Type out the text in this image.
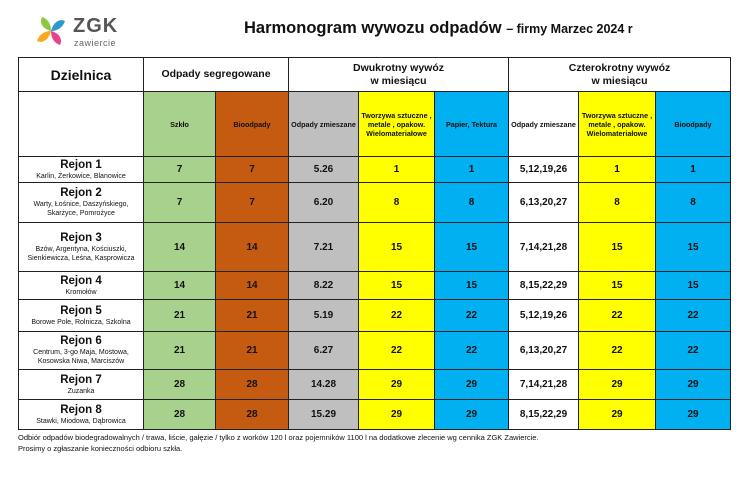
ZGK
zawiercie
Harmonogram wywozu odpadów – firmy Marzec 2024 r
Dzielnica	Odpady segregowane		Dwukrotny wywóz
w miesiącu			Czterokrotny wywóz
w miesiącu		

	Szkło	Bioodpady	Odpady zmieszane	Tworzywa sztuczne , metale , opakow. Wielomateriałowe	Papier, Tektura	Odpady zmieszane	Tworzywa sztuczne , metale , opakow. Wielomateriałowe	Bioodpady

Rejon 1
Karlin, Żerkowice, Blanowice	7	7	5.26	1	1	5,12,19,26	1	1

Rejon 2
Warty, Łośnice, Daszyńskiego, Skarżyce, Pomrożyce	7	7	6.20	8	8	6,13,20,27	8	8

Rejon 3
Bzów, Argentyna, Kościuszki, Sienkiewicza, Leśna, Kasprowicza	14	14	7.21	15	15	7,14,21,28	15	15

Rejon 4
Kromołów	14	14	8.22	15	15	8,15,22,29	15	15

Rejon 5
Borowe Pole, Rolnicza, Szkolna	21	21	5.19	22	22	5,12,19,26	22	22

Rejon 6
Centrum, 3-go Maja, Mostowa, Kosowska Niwa, Marciszów	21	21	6.27	22	22	6,13,20,27	22	22

Rejon 7
Zuzanka	28	28	14.28	29	29	7,14,21,28	29	29

Rejon 8
Stawki, Miodowa, Dąbrowica	28	28	15.29	29	29	8,15,22,29	29	29
Odbiór odpadów biodegradowalnych / trawa, liście, gałęzie / tylko z worków 120 l oraz pojemników 1100 l na dodatkowe zlecenie wg cennika ZGK Zawiercie.
Prosimy o zgłaszanie konieczności odbioru szkła.
